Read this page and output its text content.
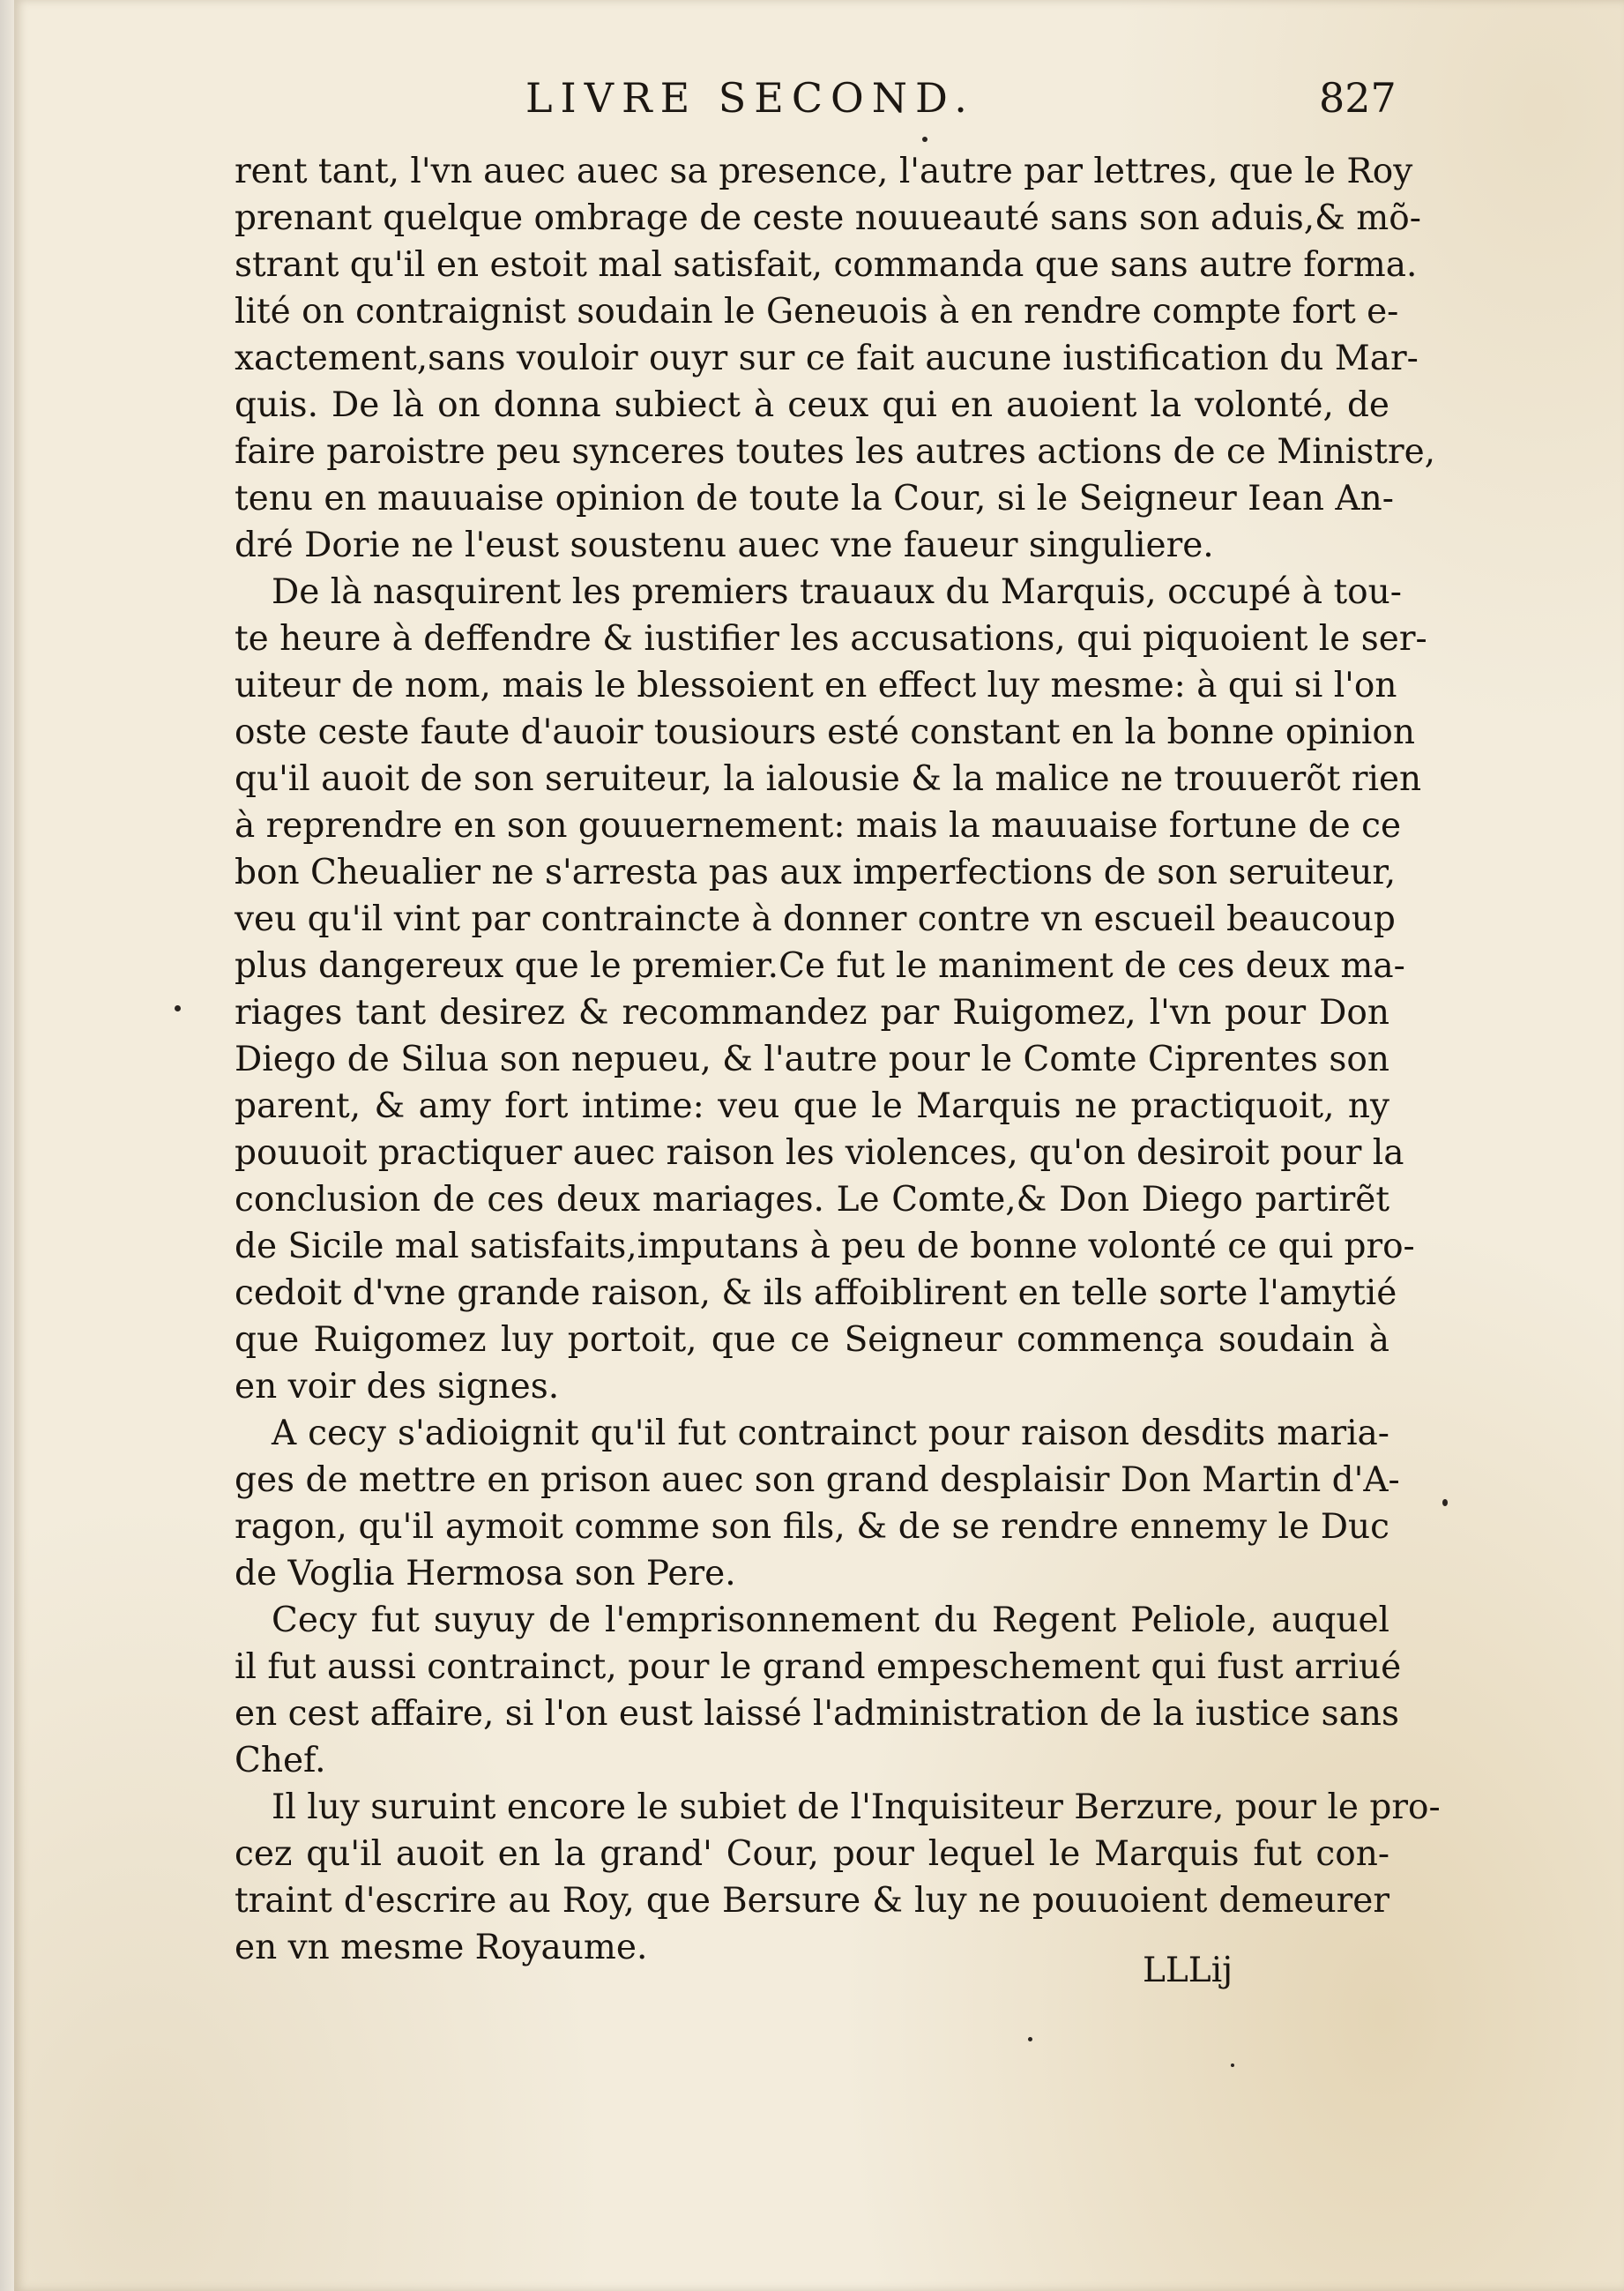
LIVRE SECOND.	827
rent tant, l'vn auec auec sa presence, l'autre par lettres, que le Roy
prenant quelque ombrage de ceste nouueauté sans son aduis,& mõ-
strant qu'il en estoit mal satisfait, commanda que sans autre forma.
lité on contraignist soudain le Geneuois à en rendre compte fort e-
xactement,sans vouloir ouyr sur ce fait aucune iustification du Mar-
quis. De là on donna subiect à ceux qui en auoient la volonté, de
faire paroistre peu synceres toutes les autres actions de ce Ministre,
tenu en mauuaise opinion de toute la Cour, si le Seigneur Iean An-
dré Dorie ne l'eust soustenu auec vne faueur singuliere.
De là nasquirent les premiers trauaux du Marquis, occupé à tou-
te heure à deffendre & iustifier les accusations, qui piquoient le ser-
uiteur de nom, mais le blessoient en effect luy mesme: à qui si l'on
oste ceste faute d'auoir tousiours esté constant en la bonne opinion
qu'il auoit de son seruiteur, la ialousie & la malice ne trouuerõt rien
à reprendre en son gouuernement: mais la mauuaise fortune de ce
bon Cheualier ne s'arresta pas aux imperfections de son seruiteur,
veu qu'il vint par contraincte à donner contre vn escueil beaucoup
plus dangereux que le premier.Ce fut le maniment de ces deux ma-
riages tant desirez & recommandez par Ruigomez, l'vn pour Don
Diego de Silua son nepueu, & l'autre pour le Comte Ciprentes son
parent, & amy fort intime: veu que le Marquis ne practiquoit, ny
pouuoit practiquer auec raison les violences, qu'on desiroit pour la
conclusion de ces deux mariages. Le Comte,& Don Diego partirẽt
de Sicile mal satisfaits,imputans à peu de bonne volonté ce qui pro-
cedoit d'vne grande raison, & ils affoiblirent en telle sorte l'amytié
que Ruigomez luy portoit, que ce Seigneur commença soudain à
en voir des signes.
A cecy s'adioignit qu'il fut contrainct pour raison desdits maria-
ges de mettre en prison auec son grand desplaisir Don Martin d'A-
ragon, qu'il aymoit comme son fils, & de se rendre ennemy le Duc
de Voglia Hermosa son Pere.
Cecy fut suyuy de l'emprisonnement du Regent Peliole, auquel
il fut aussi contrainct, pour le grand empeschement qui fust arriué
en cest affaire, si l'on eust laissé l'administration de la iustice sans
Chef.
Il luy suruint encore le subiet de l'Inquisiteur Berzure, pour le pro-
cez qu'il auoit en la grand' Cour, pour lequel le Marquis fut con-
traint d'escrire au Roy, que Bersure & luy ne pouuoient demeurer
en vn mesme Royaume.
LLLij
